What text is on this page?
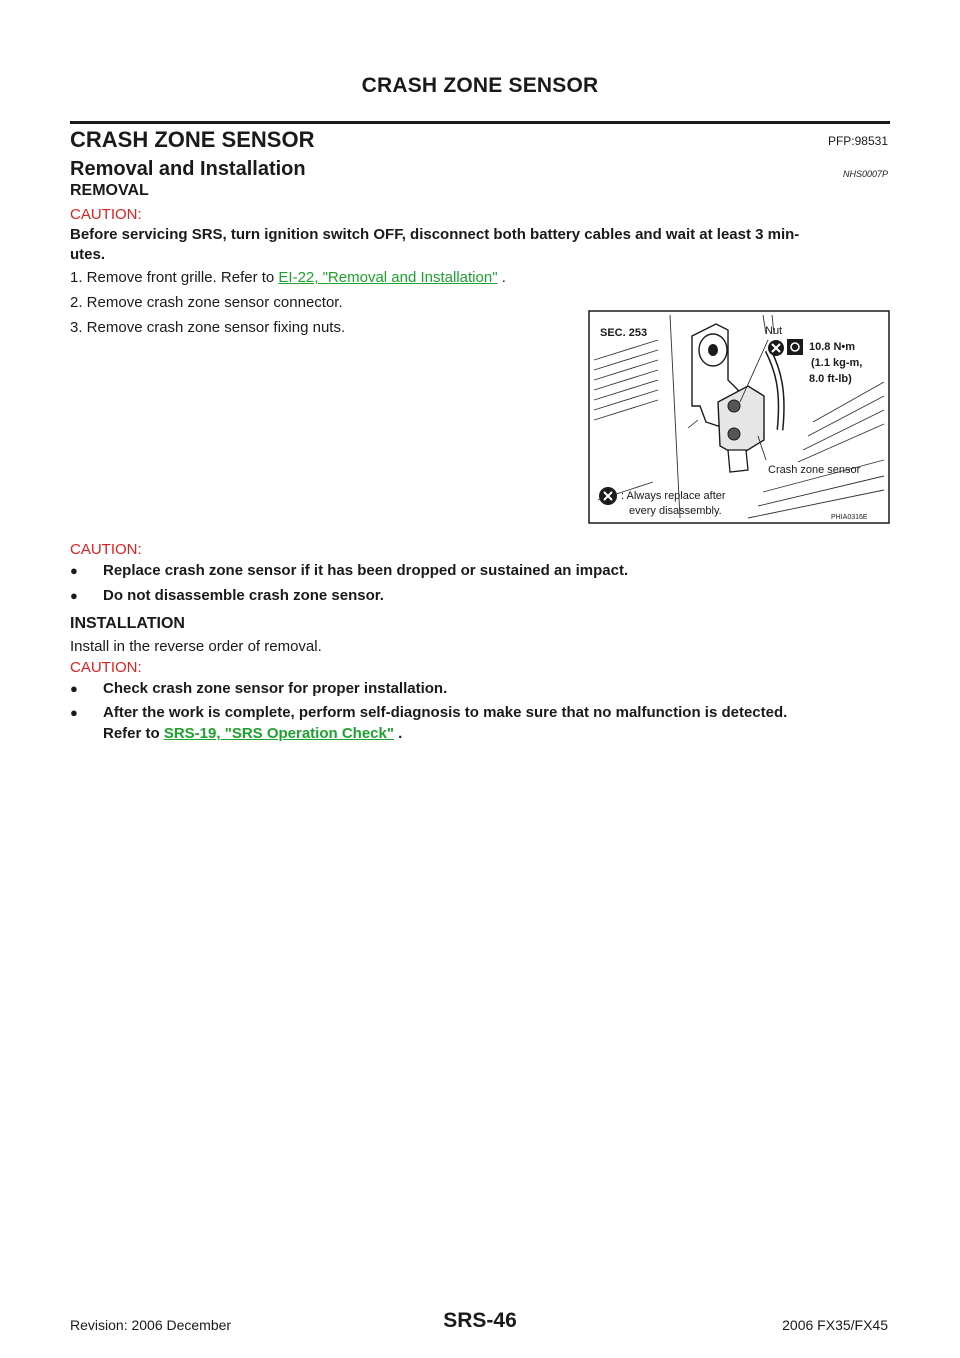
CRASH ZONE SENSOR
CRASH ZONE SENSOR	PFP:98531
Removal and Installation	NHS0007P
REMOVAL
CAUTION:
Before servicing SRS, turn ignition switch OFF, disconnect both battery cables and wait at least 3 min-
utes.
1. Remove front grille. Refer to EI-22, "Removal and Installation" .
2. Remove crash zone sensor connector.
3. Remove crash zone sensor fixing nuts.	SEC. 253	Nut
10.8 N•m
(1.1 kg-m,
8.0 ft-lb)
Crash zone sensor
: Always replace after
every disassembly.
PHIA0316E
CAUTION:
● Replace crash zone sensor if it has been dropped or sustained an impact.
● Do not disassemble crash zone sensor.
INSTALLATION
Install in the reverse order of removal.
CAUTION:
● Check crash zone sensor for proper installation.
● After the work is complete, perform self-diagnosis to make sure that no malfunction is detected.
Refer to SRS-19, "SRS Operation Check" .
Revision: 2006 December	SRS-46	2006 FX35/FX45
